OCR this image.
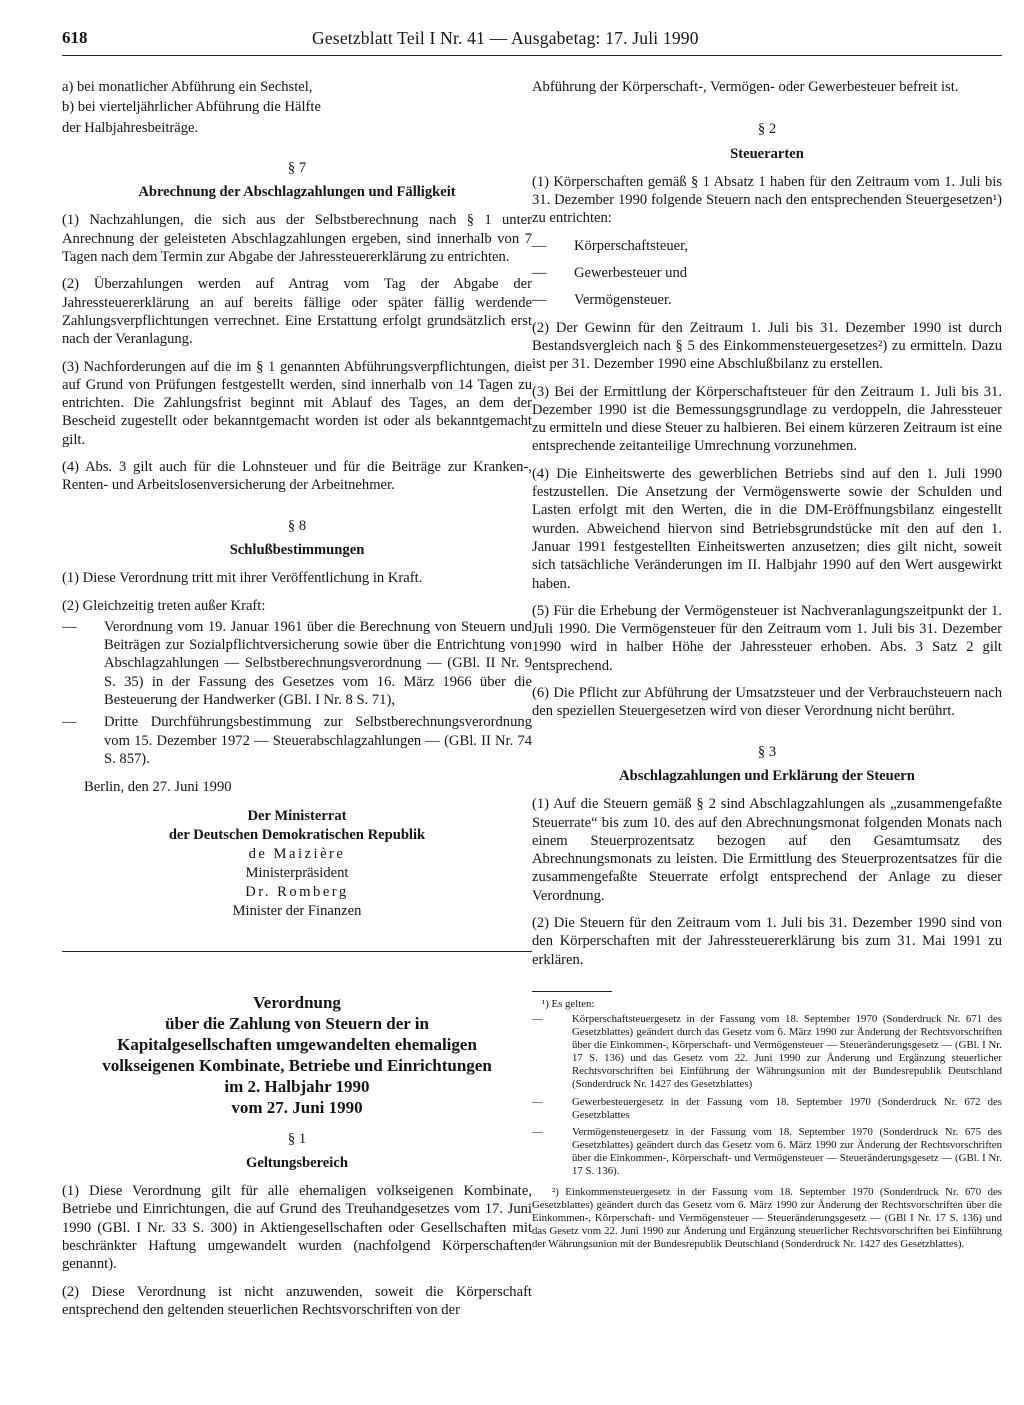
618	Gesetzblatt Teil I Nr. 41 — Ausgabetag: 17. Juli 1990
a) bei monatlicher Abführung ein Sechstel,
b) bei vierteljährlicher Abführung die Hälfte
der Halbjahresbeiträge.
§ 7
Abrechnung der Abschlagzahlungen und Fälligkeit

(1) Nachzahlungen, die sich aus der Selbstberechnung nach § 1 unter Anrechnung der geleisteten Abschlagzahlungen ergeben, sind innerhalb von 7 Tagen nach dem Termin zur Abgabe der Jahressteuererklärung zu entrichten.

(2) Überzahlungen werden auf Antrag vom Tag der Abgabe der Jahressteuererklärung an auf bereits fällige oder später fällig werdende Zahlungsverpflichtungen verrechnet. Eine Erstattung erfolgt grundsätzlich erst nach der Veranlagung.

(3) Nachforderungen auf die im § 1 genannten Abführungsverpflichtungen, die auf Grund von Prüfungen festgestellt werden, sind innerhalb von 14 Tagen zu entrichten. Die Zahlungsfrist beginnt mit Ablauf des Tages, an dem der Bescheid zugestellt oder bekanntgemacht worden ist oder als bekanntgemacht gilt.

(4) Abs. 3 gilt auch für die Lohnsteuer und für die Beiträge zur Kranken-, Renten- und Arbeitslosenversicherung der Arbeitnehmer.

§ 8
Schlußbestimmungen

(1) Diese Verordnung tritt mit ihrer Veröffentlichung in Kraft.

(2) Gleichzeitig treten außer Kraft:

— Verordnung vom 19. Januar 1961 über die Berechnung von Steuern und Beiträgen zur Sozialpflichtversicherung sowie über die Entrichtung von Abschlagzahlungen — Selbstberechnungsverordnung — (GBl. II Nr. 9 S. 35) in der Fassung des Gesetzes vom 16. März 1966 über die Besteuerung der Handwerker (GBl. I Nr. 8 S. 71),
— Dritte Durchführungsbestimmung zur Selbstberechnungsverordnung vom 15. Dezember 1972 — Steuerabschlagzahlungen — (GBl. II Nr. 74 S. 857).

Berlin, den 27. Juni 1990

Der Ministerrat
der Deutschen Demokratischen Republik
de Maizière
Ministerpräsident
Dr. Romberg
Minister der Finanzen
Verordnung
über die Zahlung von Steuern der in
Kapitalgesellschaften umgewandelten ehemaligen
volkseigenen Kombinate, Betriebe und Einrichtungen
im 2. Halbjahr 1990
vom 27. Juni 1990
§ 1
Geltungsbereich

(1) Diese Verordnung gilt für alle ehemaligen volkseigenen Kombinate, Betriebe und Einrichtungen, die auf Grund des Treuhandgesetzes vom 17. Juni 1990 (GBl. I Nr. 33 S. 300) in Aktiengesellschaften oder Gesellschaften mit beschränkter Haftung umgewandelt wurden (nachfolgend Körperschaften genannt).

(2) Diese Verordnung ist nicht anzuwenden, soweit die Körperschaft entsprechend den geltenden steuerlichen Rechtsvorschriften von der

Abführung der Körperschaft-, Vermögen- oder Gewerbesteuer befreit ist.

§ 2
Steuerarten

(1) Körperschaften gemäß § 1 Absatz 1 haben für den Zeitraum vom 1. Juli bis 31. Dezember 1990 folgende Steuern nach den entsprechenden Steuergesetzen¹) zu entrichten:

— Körperschaftsteuer,
— Gewerbesteuer und
— Vermögensteuer.

(2) Der Gewinn für den Zeitraum 1. Juli bis 31. Dezember 1990 ist durch Bestandsvergleich nach § 5 des Einkommensteuergesetzes²) zu ermitteln. Dazu ist per 31. Dezember 1990 eine Abschlußbilanz zu erstellen.

(3) Bei der Ermittlung der Körperschaftsteuer für den Zeitraum 1. Juli bis 31. Dezember 1990 ist die Bemessungsgrundlage zu verdoppeln, die Jahressteuer zu ermitteln und diese Steuer zu halbieren. Bei einem kürzeren Zeitraum ist eine entsprechende zeitanteilige Umrechnung vorzunehmen.

(4) Die Einheitswerte des gewerblichen Betriebs sind auf den 1. Juli 1990 festzustellen. Die Ansetzung der Vermögenswerte sowie der Schulden und Lasten erfolgt mit den Werten, die in die DM-Eröffnungsbilanz eingestellt wurden. Abweichend hiervon sind Betriebsgrundstücke mit den auf den 1. Januar 1991 festgestellten Einheitswerten anzusetzen; dies gilt nicht, soweit sich tatsächliche Veränderungen im II. Halbjahr 1990 auf den Wert ausgewirkt haben.

(5) Für die Erhebung der Vermögensteuer ist Nachveranlagungszeitpunkt der 1. Juli 1990. Die Vermögensteuer für den Zeitraum vom 1. Juli bis 31. Dezember 1990 wird in halber Höhe der Jahressteuer erhoben. Abs. 3 Satz 2 gilt entsprechend.

(6) Die Pflicht zur Abführung der Umsatzsteuer und der Verbrauchsteuern nach den speziellen Steuergesetzen wird von dieser Verordnung nicht berührt.

§ 3
Abschlagzahlungen und Erklärung der Steuern

(1) Auf die Steuern gemäß § 2 sind Abschlagzahlungen als „zusammengefaßte Steuerrate“ bis zum 10. des auf den Abrechnungsmonat folgenden Monats nach einem Steuerprozentsatz bezogen auf den Gesamtumsatz des Abrechnungsmonats zu leisten. Die Ermittlung des Steuerprozentsatzes für die zusammengefaßte Steuerrate erfolgt entsprechend der Anlage zu dieser Verordnung.

(2) Die Steuern für den Zeitraum vom 1. Juli bis 31. Dezember 1990 sind von den Körperschaften mit der Jahressteuererklärung bis zum 31. Mai 1991 zu erklären.

¹) Es gelten:
—	Körperschaftsteuergesetz in der Fassung vom 18. September 1970 (Sonderdruck Nr. 671 des Gesetzblattes) geändert durch das Gesetz vom 6. März 1990 zur Änderung der Rechtsvorschriften über die Einkommen-, Körperschaft- und Vermögensteuer — Steueränderungsgesetz — (GBl. I Nr. 17 S. 136) und das Gesetz vom 22. Juni 1990 zur Änderung und Ergänzung steuerlicher Rechtsvorschriften bei Einführung der Währungsunion mit der Bundesrepublik Deutschland (Sonderdruck Nr. 1427 des Gesetzblattes)
—	Gewerbesteuergesetz in der Fassung vom 18. September 1970 (Sonderdruck Nr. 672 des Gesetzblattes
—	Vermögensteuergesetz in der Fassung vom 18. September 1970 (Sonderdruck Nr. 675 des Gesetzblattes) geändert durch das Gesetz vom 6. März 1990 zur Änderung der Rechtsvorschriften über die Einkommen-, Körperschaft- und Vermögensteuer — Steueränderungsgesetz — (GBl. I Nr. 17 S. 136).
²) Einkommensteuergesetz in der Fassung vom 18. September 1970 (Sonderdruck Nr. 670 des Gesetzblattes) geändert durch das Gesetz vom 6. März 1990 zur Änderung der Rechtsvorschriften über die Einkommen-, Körperschaft- und Vermögensteuer — Steueränderungsgesetz — (GBl I Nr. 17 S. 136) und das Gesetz vom 22. Juni 1990 zur Änderung und Ergänzung steuerlicher Rechtsvorschriften bei Einführung der Währungsunion mit der Bundesrepublik Deutschland (Sonderdruck Nr. 1427 des Gesetzblattes).
